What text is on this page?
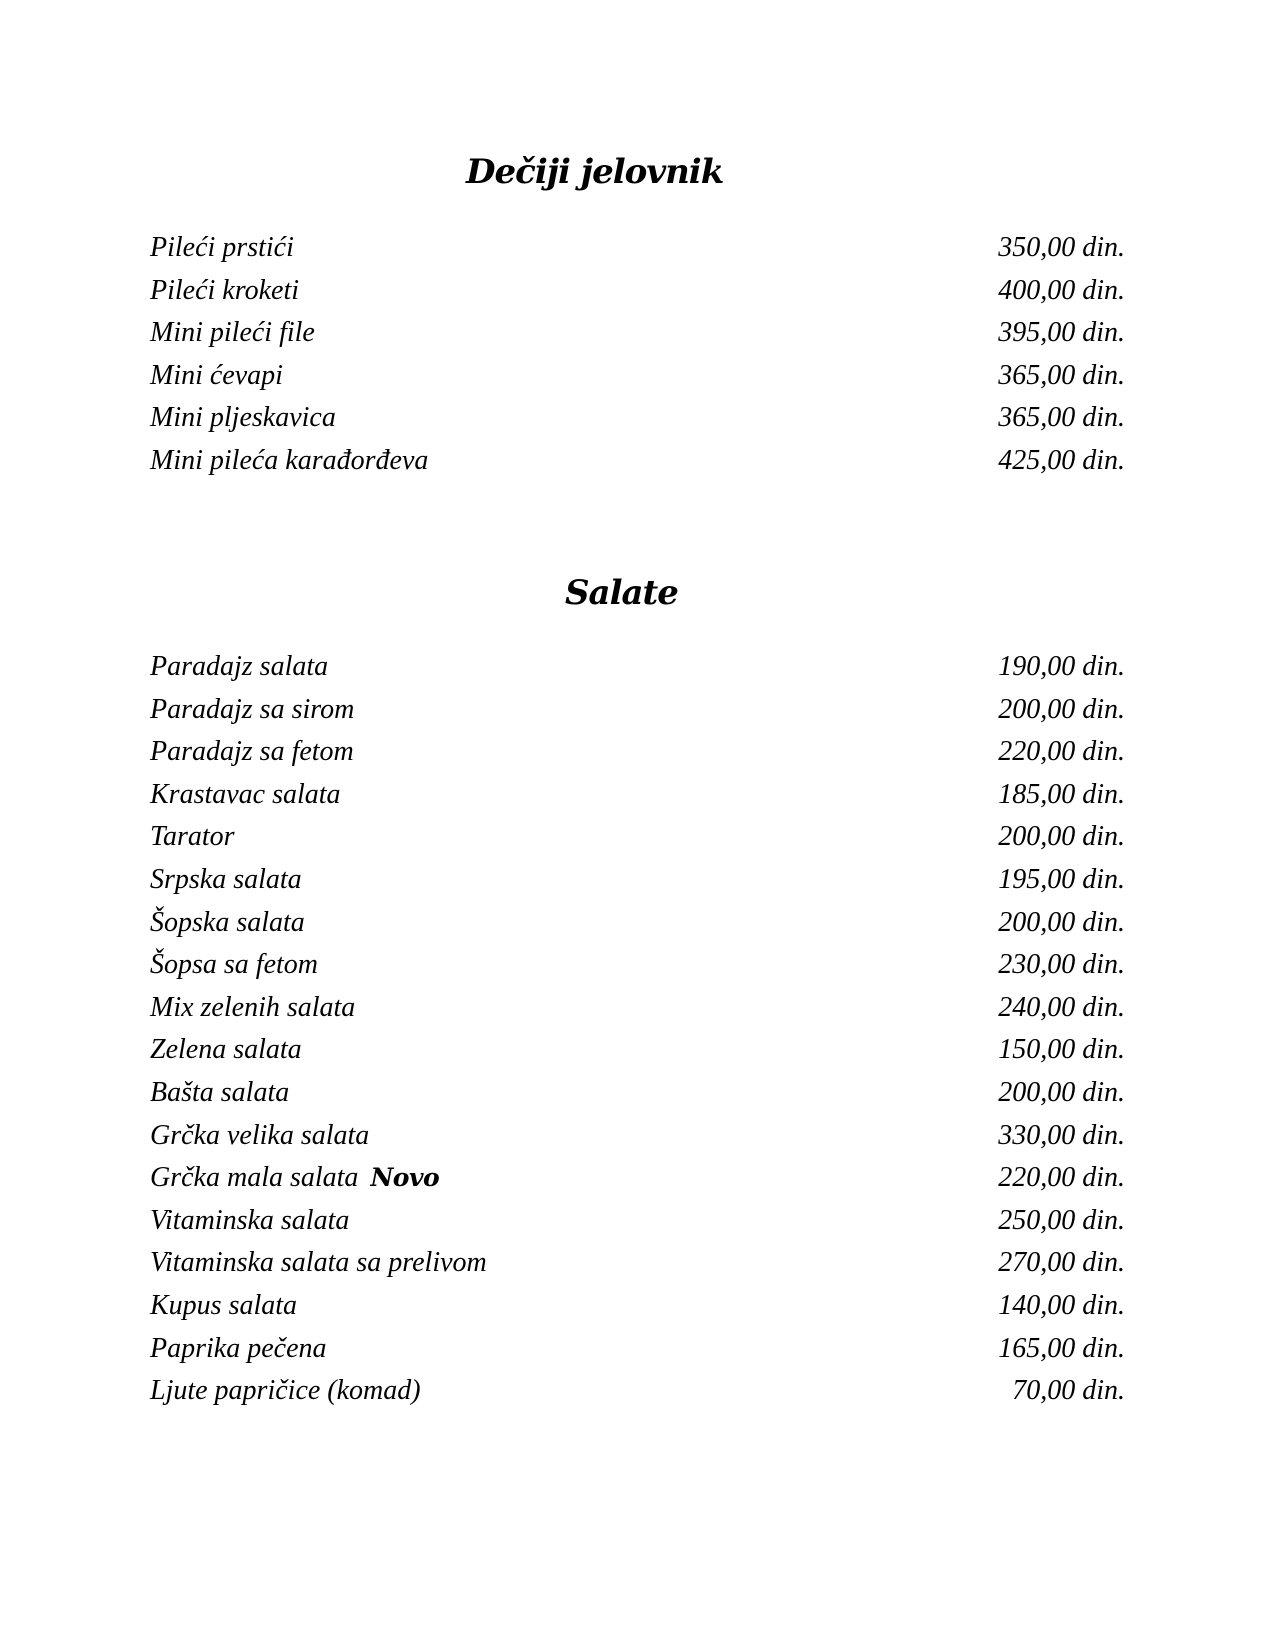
Dečiji jelovnik
Pileći prstići	350,00 din.
Pileći kroketi	400,00 din.
Mini pileći file	395,00 din.
Mini ćevapi	365,00 din.
Mini pljeskavica	365,00 din.
Mini pileća karađorđeva	425,00 din.
Salate
Paradajz salata	190,00 din.
Paradajz sa sirom	200,00 din.
Paradajz sa fetom	220,00 din.
Krastavac salata	185,00 din.
Tarator	200,00 din.
Srpska salata	195,00 din.
Šopska salata	200,00 din.
Šopsa sa fetom	230,00 din.
Mix zelenih salata	240,00 din.
Zelena salata	150,00 din.
Bašta salata	200,00 din.
Grčka velika salata	330,00 din.
Grčka mala salata Novo	220,00 din.
Vitaminska salata	250,00 din.
Vitaminska salata sa prelivom	270,00 din.
Kupus salata	140,00 din.
Paprika pečena	165,00 din.
Ljute papričice (komad)	70,00 din.
